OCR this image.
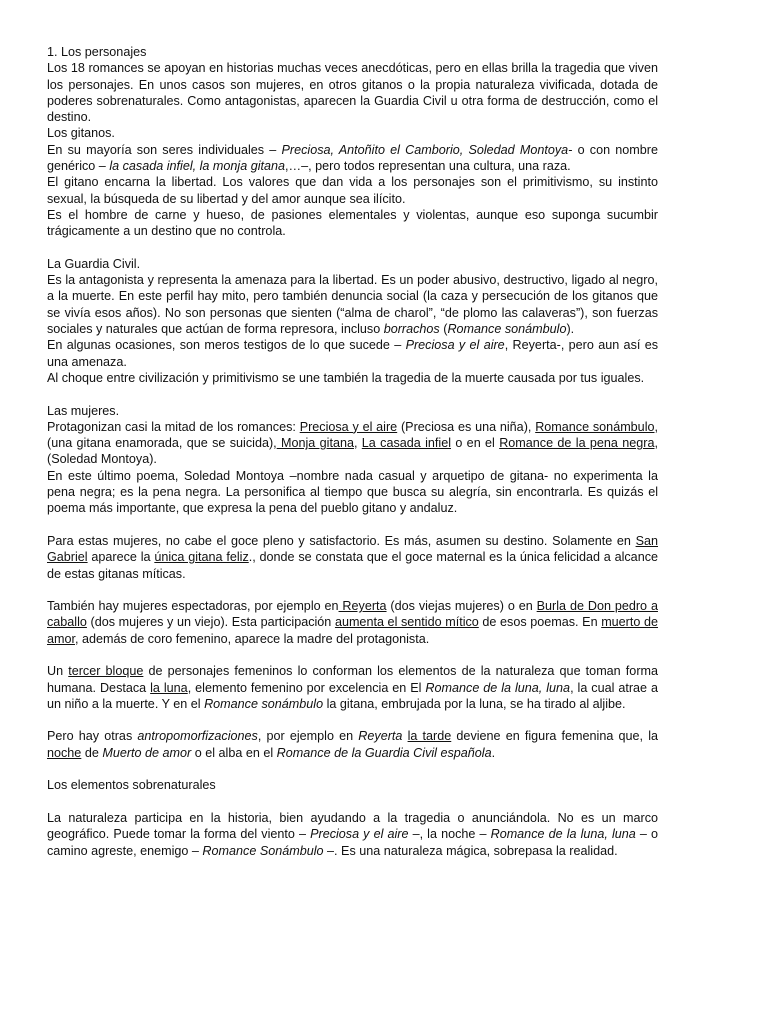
1. Los personajes

Los 18 romances se apoyan en historias muchas veces anecdóticas, pero en ellas brilla la tragedia que viven los personajes. En unos casos son mujeres, en otros gitanos o la propia naturaleza vivificada, dotada de poderes sobrenaturales. Como antagonistas, aparecen la Guardia Civil u otra forma de destrucción, como el destino.

Los gitanos.

En su mayoría son seres individuales – Preciosa, Antoñito el Camborio, Soledad Montoya- o con nombre genérico – la casada infiel, la monja gitana,…–, pero todos representan una cultura, una raza.

El gitano encarna la libertad. Los valores que dan vida a los personajes son el primitivismo, su instinto sexual, la búsqueda de su libertad y del amor aunque sea ilícito.

Es el hombre de carne y hueso, de pasiones elementales y violentas, aunque eso suponga sucumbir trágicamente a un destino que no controla.

La Guardia Civil.

Es la antagonista y representa la amenaza para la libertad. Es un poder abusivo, destructivo, ligado al negro, a la muerte. En este perfil hay mito, pero también denuncia social (la caza y persecución de los gitanos que se vivía esos años). No son personas que sienten (“alma de charol”, “de plomo las calaveras”), son fuerzas sociales y naturales que actúan de forma represora, incluso borrachos (Romance sonámbulo).

En algunas ocasiones, son meros testigos de lo que sucede – Preciosa y el aire, Reyerta-, pero aun así es una amenaza.

Al choque entre civilización y primitivismo se une también la tragedia de la muerte causada por tus iguales.

Las mujeres.

Protagonizan casi la mitad de los romances: Preciosa y el aire (Preciosa es una niña), Romance sonámbulo, (una gitana enamorada, que se suicida), Monja gitana, La casada infiel o en el Romance de la pena negra, (Soledad Montoya).

En este último poema, Soledad Montoya –nombre nada casual y arquetipo de gitana- no experimenta la pena negra; es la pena negra. La personifica al tiempo que busca su alegría, sin encontrarla. Es quizás el poema más importante, que expresa la pena del pueblo gitano y andaluz.

Para estas mujeres, no cabe el goce pleno y satisfactorio. Es más, asumen su destino. Solamente en San Gabriel aparece la única gitana feliz., donde se constata que el goce maternal es la única felicidad a alcance de estas gitanas míticas.

También hay mujeres espectadoras, por ejemplo en Reyerta (dos viejas mujeres) o en Burla de Don pedro a caballo (dos mujeres y un viejo). Esta participación aumenta el sentido mítico de esos poemas. En muerto de amor, además de coro femenino, aparece la madre del protagonista.

Un tercer bloque de personajes femeninos lo conforman los elementos de la naturaleza que toman forma humana. Destaca la luna, elemento femenino por excelencia en El Romance de la luna, luna, la cual atrae a un niño a la muerte. Y en el Romance sonámbulo la gitana, embrujada por la luna, se ha tirado al aljibe.

Pero hay otras antropomorfizaciones, por ejemplo en Reyerta la tarde deviene en figura femenina que, la noche de Muerto de amor o el alba en el Romance de la Guardia Civil española.

Los elementos sobrenaturales

La naturaleza participa en la historia, bien ayudando a la tragedia o anunciándola. No es un marco geográfico. Puede tomar la forma del viento – Preciosa y el aire –, la noche – Romance de la luna, luna – o camino agreste, enemigo – Romance Sonámbulo –. Es una naturaleza mágica, sobrepasa la realidad.
